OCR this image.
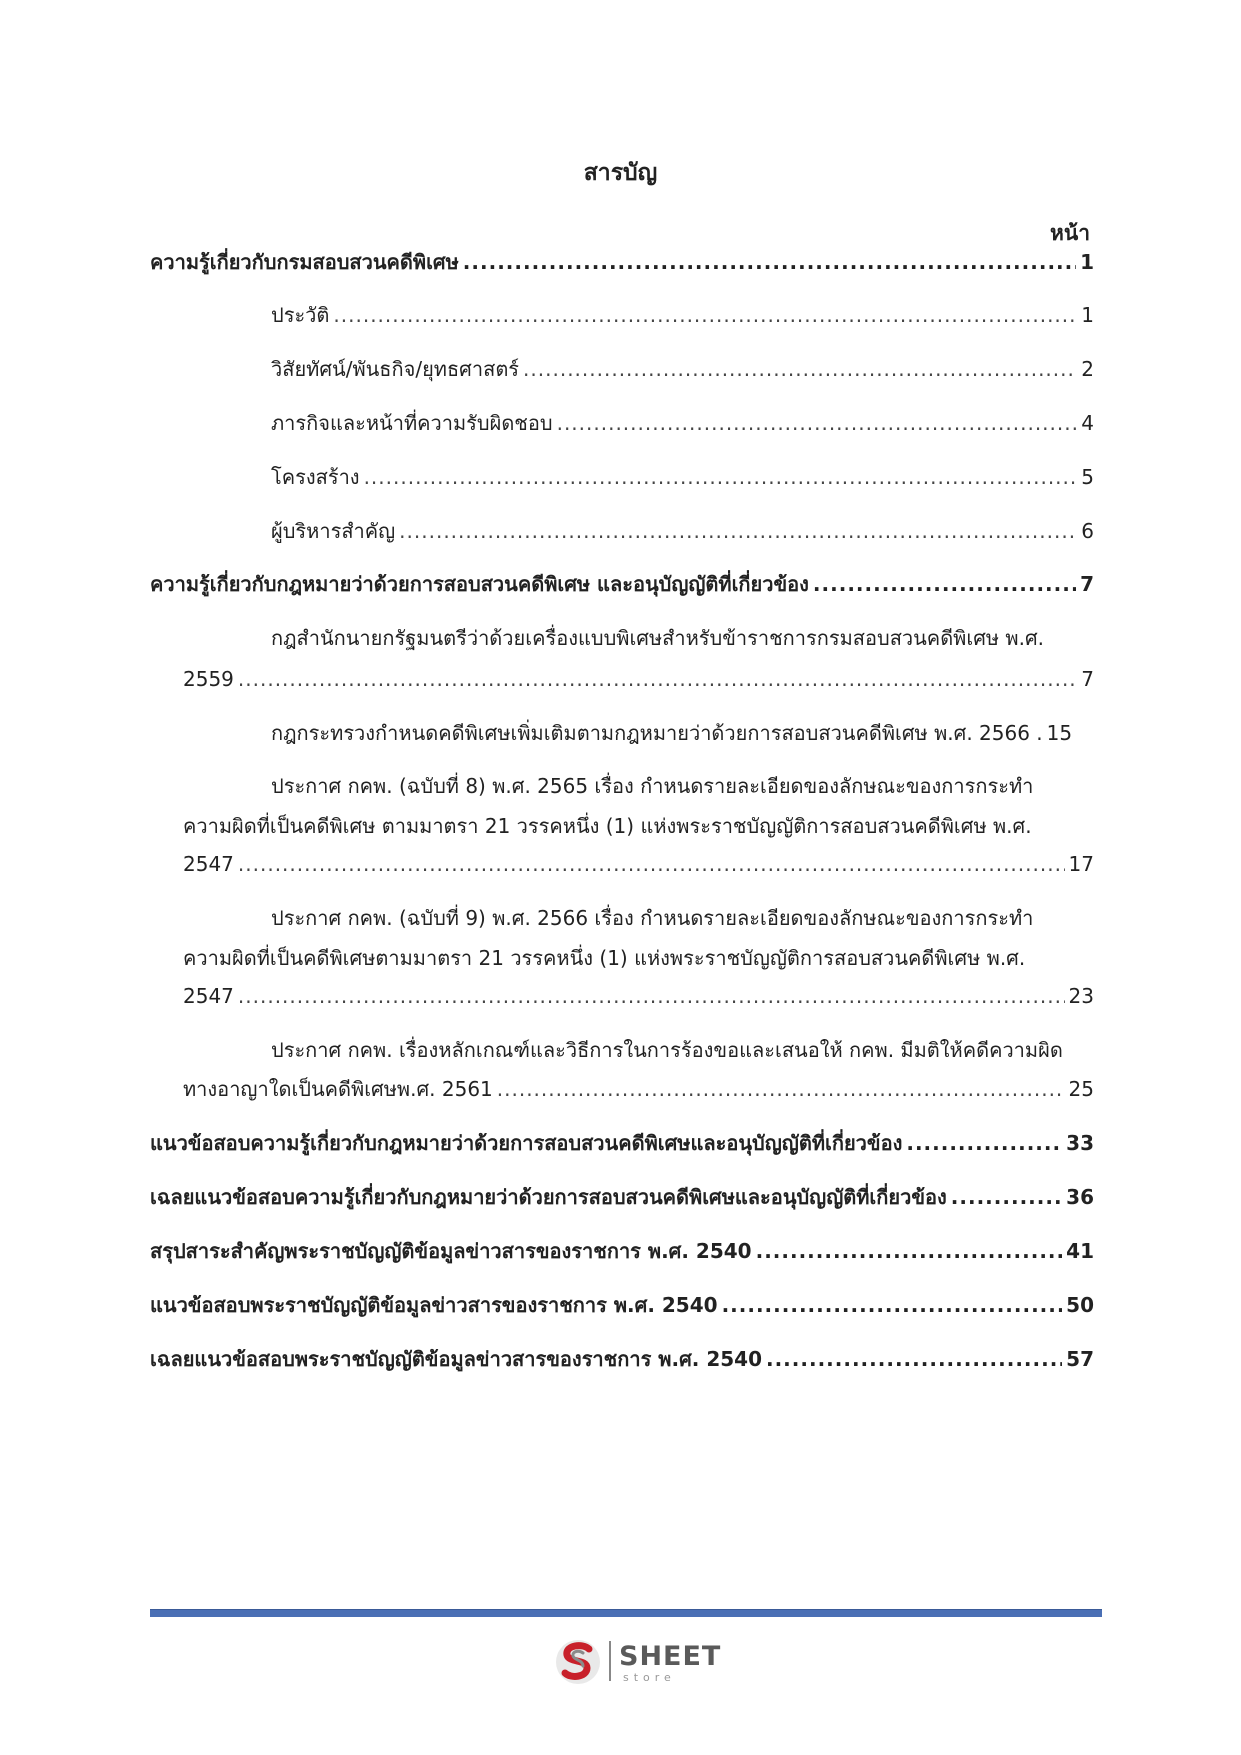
สารบัญ
หน้า
ความรู้เกี่ยวกับกรมสอบสวนคดีพิเศษ .....	1
ประวัติ .....	1
วิสัยทัศน์/พันธกิจ/ยุทธศาสตร์ .....	2
ภารกิจและหน้าที่ความรับผิดชอบ .....	4
โครงสร้าง .....	5
ผู้บริหารสำคัญ .....	6
ความรู้เกี่ยวกับกฎหมายว่าด้วยการสอบสวนคดีพิเศษ และอนุบัญญัติที่เกี่ยวข้อง .....	7
กฎสำนักนายกรัฐมนตรีว่าด้วยเครื่องแบบพิเศษสำหรับข้าราชการกรมสอบสวนคดีพิเศษ พ.ศ.
2559 .....	7
กฎกระทรวงกำหนดคดีพิเศษเพิ่มเติมตามกฎหมายว่าด้วยการสอบสวนคดีพิเศษ พ.ศ. 2566 . 15
ประกาศ กคพ. (ฉบับที่ 8) พ.ศ. 2565 เรื่อง กำหนดรายละเอียดของลักษณะของการกระทำ
ความผิดที่เป็นคดีพิเศษ ตามมาตรา 21 วรรคหนึ่ง (1) แห่งพระราชบัญญัติการสอบสวนคดีพิเศษ พ.ศ.
2547 .....	17
ประกาศ กคพ. (ฉบับที่ 9) พ.ศ. 2566 เรื่อง กำหนดรายละเอียดของลักษณะของการกระทำ
ความผิดที่เป็นคดีพิเศษตามมาตรา 21 วรรคหนึ่ง (1) แห่งพระราชบัญญัติการสอบสวนคดีพิเศษ พ.ศ.
2547 .....	23
ประกาศ กคพ. เรื่องหลักเกณฑ์และวิธีการในการร้องขอและเสนอให้ กคพ. มีมติให้คดีความผิด
ทางอาญาใดเป็นคดีพิเศษพ.ศ. 2561 .....	25
แนวข้อสอบความรู้เกี่ยวกับกฎหมายว่าด้วยการสอบสวนคดีพิเศษและอนุบัญญัติที่เกี่ยวข้อง .....	33
เฉลยแนวข้อสอบความรู้เกี่ยวกับกฎหมายว่าด้วยการสอบสวนคดีพิเศษและอนุบัญญัติที่เกี่ยวข้อง .....	36
สรุปสาระสำคัญพระราชบัญญัติข้อมูลข่าวสารของราชการ พ.ศ. 2540 .....	41
แนวข้อสอบพระราชบัญญัติข้อมูลข่าวสารของราชการ พ.ศ. 2540 .....	50
เฉลยแนวข้อสอบพระราชบัญญัติข้อมูลข่าวสารของราชการ พ.ศ. 2540 .....	57
SHEET
store
